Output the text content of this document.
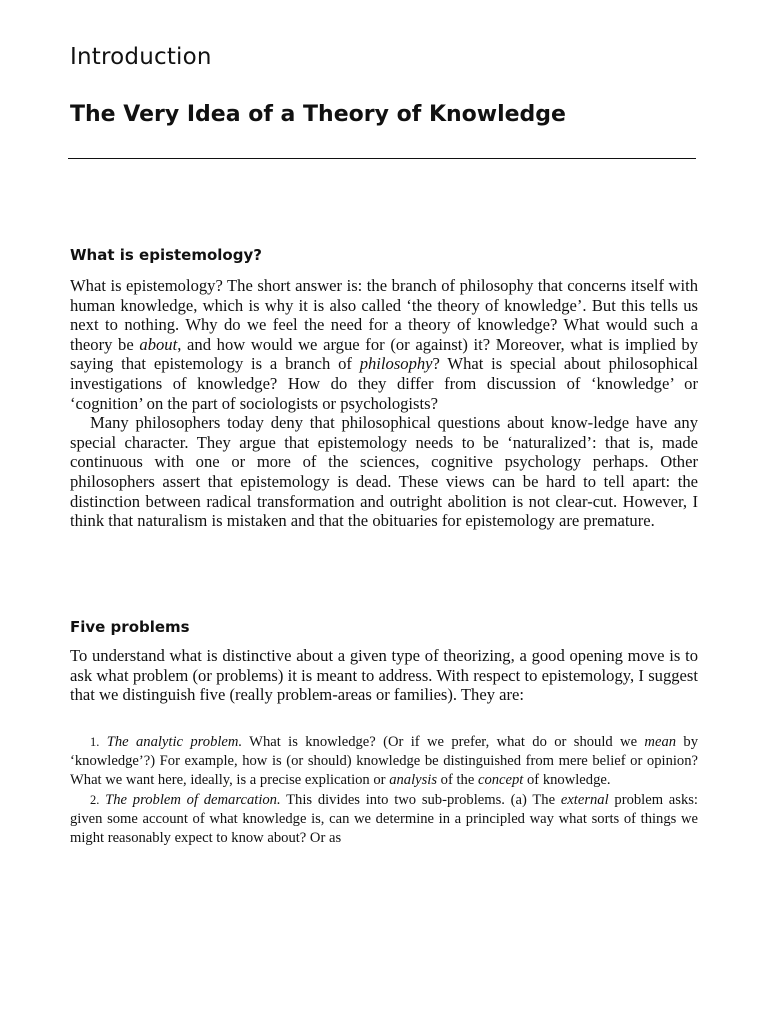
Introduction
The Very Idea of a Theory of Knowledge
What is epistemology?

What is epistemology? The short answer is: the branch of philosophy that concerns itself with human knowledge, which is why it is also called ‘the theory of knowledge’. But this tells us next to nothing. Why do we feel the need for a theory of knowledge? What would such a theory be about, and how would we argue for (or against) it? Moreover, what is implied by saying that epistemology is a branch of philosophy? What is special about philosophical investigations of knowledge? How do they differ from discussion of ‘knowledge’ or ‘cognition’ on the part of sociologists or psychologists?

Many philosophers today deny that philosophical questions about know-ledge have any special character. They argue that epistemology needs to be ‘naturalized’: that is, made continuous with one or more of the sciences, cognitive psychology perhaps. Other philosophers assert that epistemology is dead. These views can be hard to tell apart: the distinction between radical transformation and outright abolition is not clear-cut. However, I think that naturalism is mistaken and that the obituaries for epistemology are premature.

Five problems

To understand what is distinctive about a given type of theorizing, a good opening move is to ask what problem (or problems) it is meant to address. With respect to epistemology, I suggest that we distinguish five (really problem-areas or families). They are:

1. The analytic problem. What is knowledge? (Or if we prefer, what do or should we mean by ‘knowledge’?) For example, how is (or should) knowledge be distinguished from mere belief or opinion? What we want here, ideally, is a precise explication or analysis of the concept of knowledge.

2. The problem of demarcation. This divides into two sub-problems. (a) The external problem asks: given some account of what knowledge is, can we determine in a principled way what sorts of things we might reasonably expect to know about? Or as
